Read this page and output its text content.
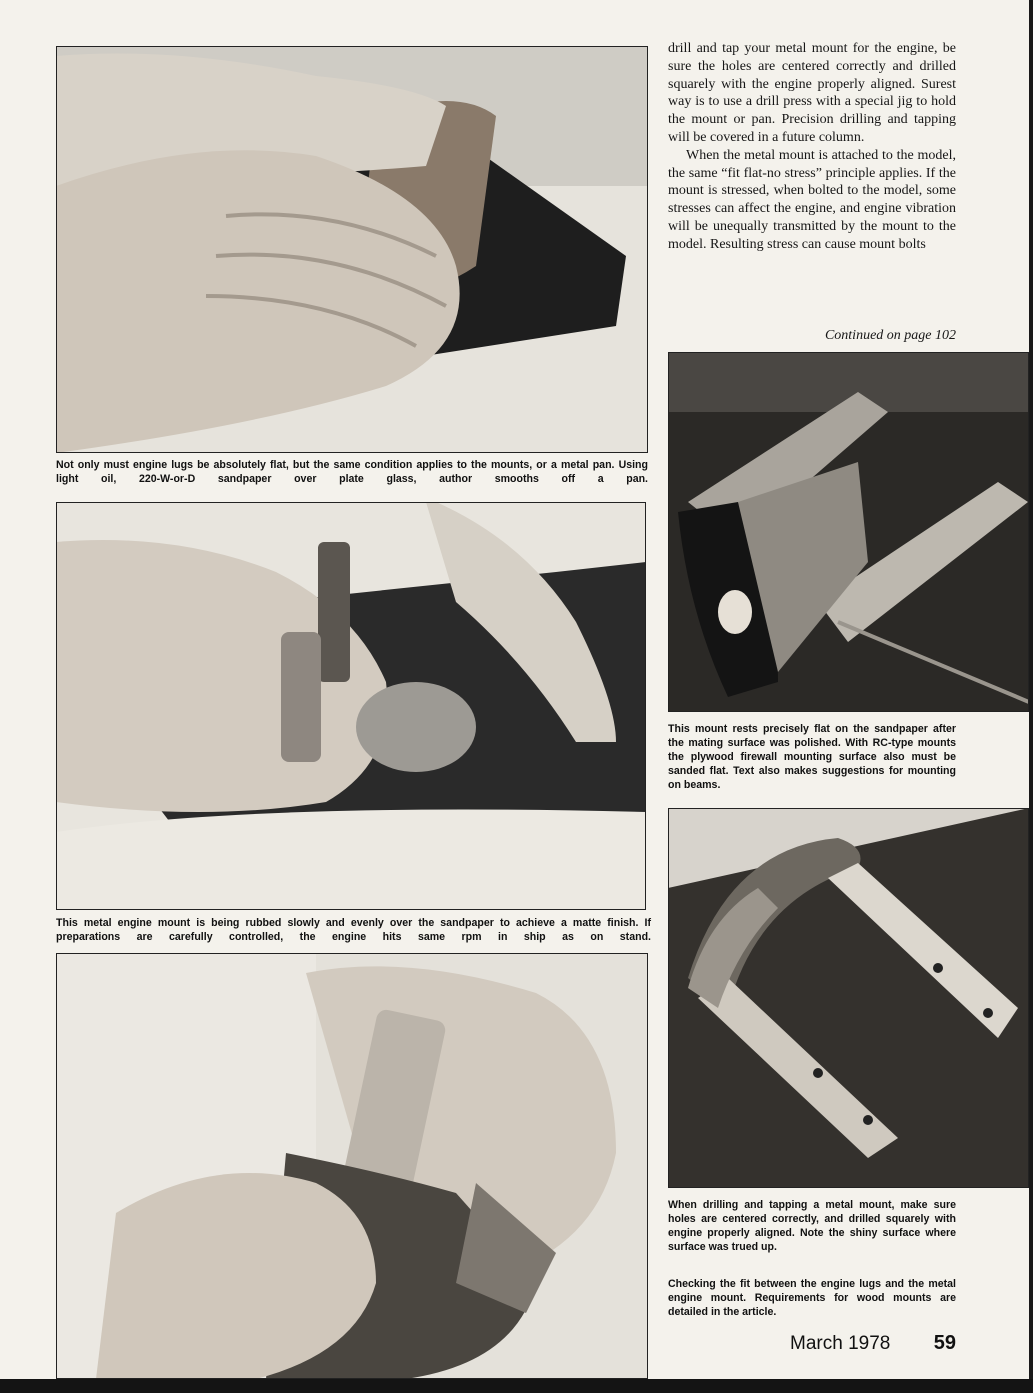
Not only must engine lugs be absolutely flat, but the same condition applies to the mounts, or a metal pan. Using light oil, 220-W-or-D sandpaper over plate glass, author smooths off a pan.
This metal engine mount is being rubbed slowly and evenly over the sandpaper to achieve a matte finish. If preparations are carefully controlled, the engine hits same rpm in ship as on stand.

drill and tap your metal mount for the engine, be sure the holes are centered correctly and drilled squarely with the engine properly aligned. Surest way is to use a drill press with a special jig to hold the mount or pan. Precision drilling and tapping will be covered in a future column.

When the metal mount is attached to the model, the same “fit flat-no stress” principle applies. If the mount is stressed, when bolted to the model, some stresses can affect the engine, and engine vibration will be unequally transmitted by the mount to the model. Resulting stress can cause mount bolts

Continued on page 102
This mount rests precisely flat on the sandpaper after the mating surface was polished. With RC-type mounts the plywood firewall mounting surface also must be sanded flat. Text also makes suggestions for mounting on beams.
When drilling and tapping a metal mount, make sure holes are centered correctly, and drilled squarely with engine properly aligned. Note the shiny surface where surface was trued up.
Checking the fit between the engine lugs and the metal engine mount. Requirements for wood mounts are detailed in the article.
March 1978 59
